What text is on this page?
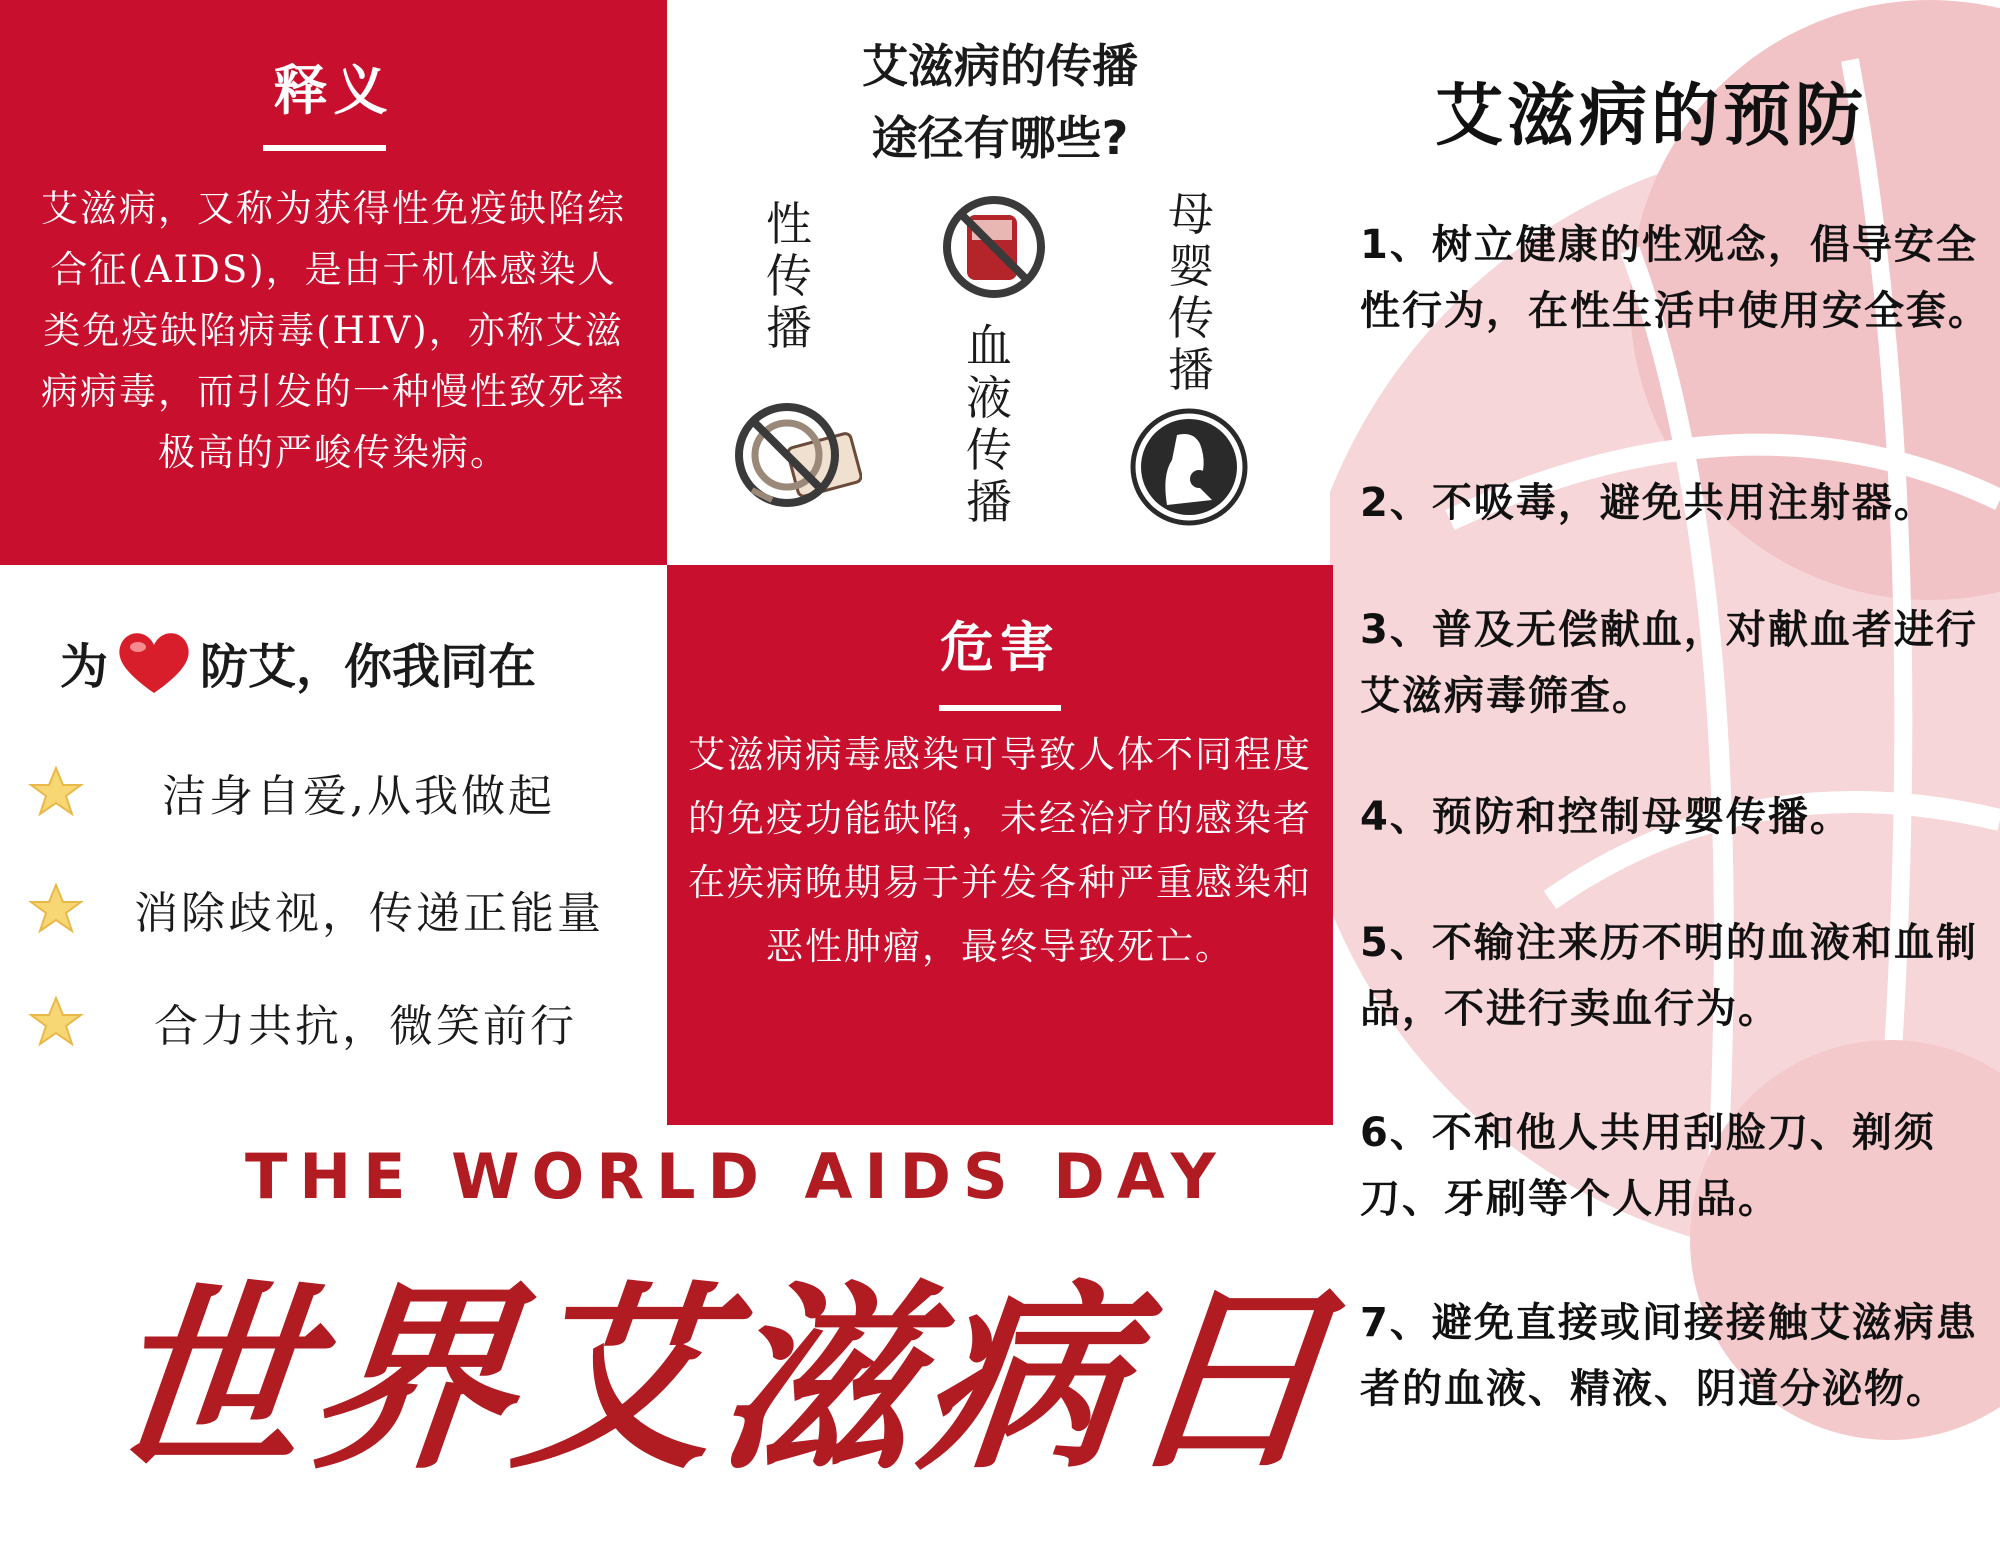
释义
艾滋病，又称为获得性免疫缺陷综合征(AIDS)，是由于机体感染人类免疫缺陷病毒(HIV)，亦称艾滋病病毒，而引发的一种慢性致死率极高的严峻传染病。
艾滋病的传播
途径有哪些?
性传播	血液传播
母婴传播
为 防艾，你我同在
洁身自爱,从我做起
消除歧视，传递正能量
合力共抗，微笑前行
危害
艾滋病病毒感染可导致人体不同程度的免疫功能缺陷，未经治疗的感染者在疾病晚期易于并发各种严重感染和恶性肿瘤，最终导致死亡。
THE WORLD AIDS DAY
世界艾滋病日
艾滋病的预防
1、树立健康的性观念，倡导安全性行为，在性生活中使用安全套。
2、不吸毒，避免共用注射器。
3、普及无偿献血，对献血者进行艾滋病毒筛查。
4、预防和控制母婴传播。
5、不输注来历不明的血液和血制品，不进行卖血行为。
6、不和他人共用刮脸刀、剃须刀、牙刷等个人用品。
7、避免直接或间接接触艾滋病患者的血液、精液、阴道分泌物。
